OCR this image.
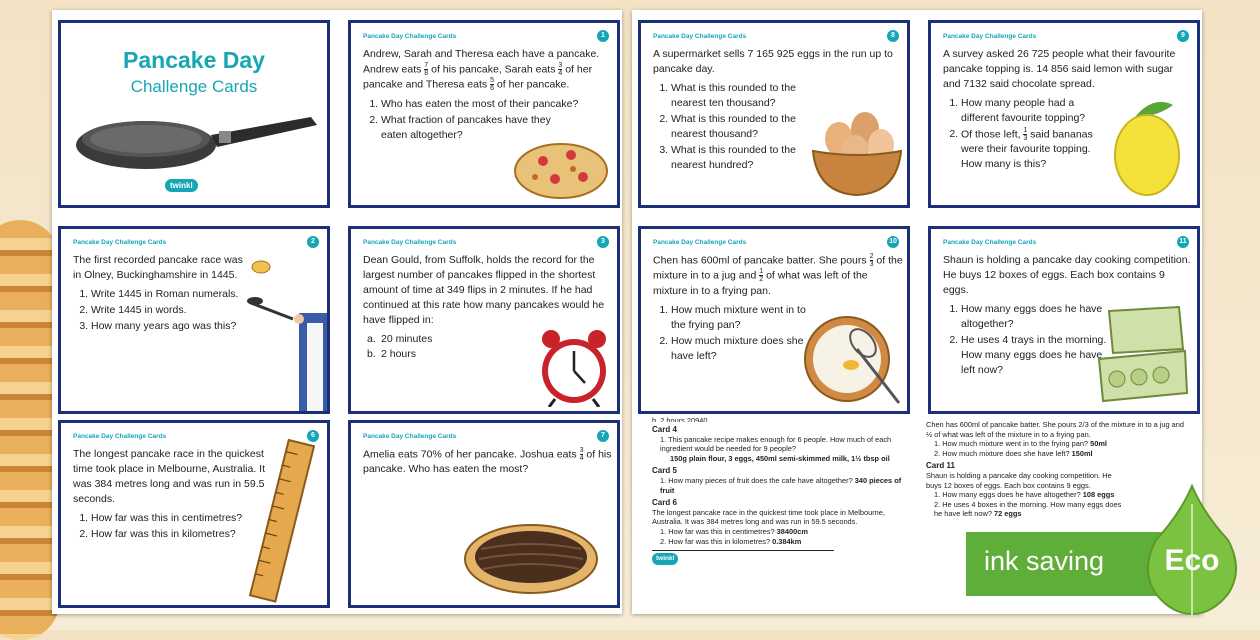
Pancake Day
Challenge Cards
twinkl
Pancake Day Challenge Cards	1

Andrew, Sarah and Theresa each have a pancake. Andrew eats $\frac{7}{8}$ of his pancake, Sarah eats $\frac{3}{4}$ of her pancake and Theresa eats $\frac{5}{6}$ of her pancake.

1. Who has eaten the most of their pancake?
2. What fraction of pancakes have they eaten altogether?
Pancake Day Challenge Cards	2

The first recorded pancake race was in Olney, Buckinghamshire in 1445.

1. Write 1445 in Roman numerals.
2. Write 1445 in words.
3. How many years ago was this?
Pancake Day Challenge Cards	3

Dean Gould, from Suffolk, holds the record for the largest number of pancakes flipped in the shortest amount of time at 349 flips in 2 minutes. If he had continued at this rate how many pancakes would he have flipped in:

a. 20 minutes
b. 2 hours
Pancake Day Challenge Cards	6

The longest pancake race in the quickest time took place in Melbourne, Australia. It was 384 metres long and was run in 59.5 seconds.

1. How far was this in centimetres?
2. How far was this in kilometres?
Pancake Day Challenge Cards	7

Amelia eats 70% of her pancake. Joshua eats $\frac{3}{4}$ of his pancake. Who has eaten the most?

Pancake Day Challenge Cards	8

A supermarket sells 7 165 925 eggs in the run up to pancake day.

1. What is this rounded to the nearest ten thousand?
2. What is this rounded to the nearest thousand?
3. What is this rounded to the nearest hundred?
Pancake Day Challenge Cards	9

A survey asked 26 725 people what their favourite pancake topping is. 14 856 said lemon with sugar and 7132 said chocolate spread.

1. How many people had a different favourite topping?
2. Of those left, $\frac{1}{3}$ said bananas were their favourite topping. How many is this?
Pancake Day Challenge Cards	10

Chen has 600ml of pancake batter. She pours $\frac{2}{3}$ of the mixture in to a jug and $\frac{1}{2}$ of what was left of the mixture in to a frying pan.

1. How much mixture went in to the frying pan?
2. How much mixture does she have left?
Pancake Day Challenge Cards	11

Shaun is holding a pancake day cooking competition. He buys 12 boxes of eggs. Each box contains 9 eggs.

1. How many eggs does he have altogether?
2. He uses 4 trays in the morning. How many eggs does he have left now?
b. 2 hours 20940
Card 4
1. This pancake recipe makes enough for 6 people. How much of each ingredient would be needed for 9 people?
150g plain flour, 3 eggs, 450ml semi-skimmed milk, 1½ tbsp oil
Card 5
1. How many pieces of fruit does the cafe have altogether? 340 pieces of fruit
Card 6
The longest pancake race in the quickest time took place in Melbourne, Australia. It was 384 metres long and was run in 59.5 seconds.
1. How far was this in centimetres? 38400cm
2. How far was this in kilometres? 0.384km
twinkl
Chen has 600ml of pancake batter. She pours 2/3 of the mixture in to a jug and ½ of what was left of the mixture in to a frying pan.
1. How much mixture went in to the frying pan? 50ml
2. How much mixture does she have left? 150ml
Card 11
Shaun is holding a pancake day cooking competition. He buys 12 boxes of eggs. Each box contains 9 eggs.
1. How many eggs does he have altogether? 108 eggs
2. He uses 4 boxes in the morning. How many eggs does he have left now? 72 eggs
ink saving Eco
